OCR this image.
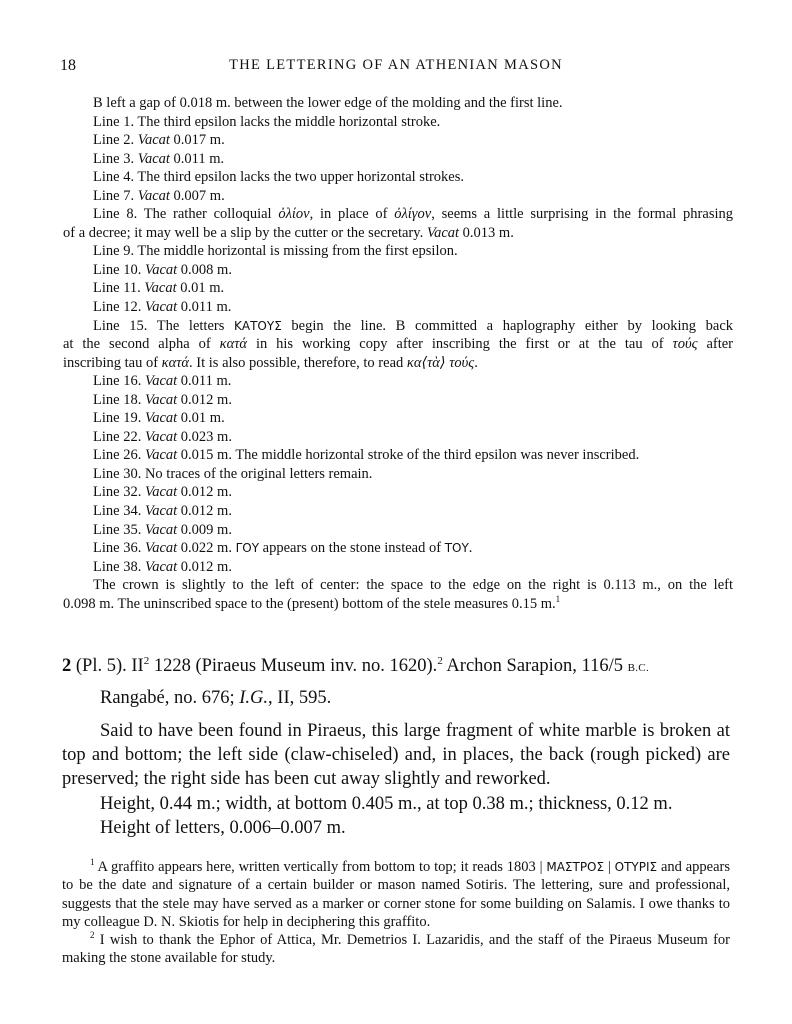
18	THE LETTERING OF AN ATHENIAN MASON
B left a gap of 0.018 m. between the lower edge of the molding and the first line.
Line 1. The third epsilon lacks the middle horizontal stroke.
Line 2. Vacat 0.017 m.
Line 3. Vacat 0.011 m.
Line 4. The third epsilon lacks the two upper horizontal strokes.
Line 7. Vacat 0.007 m.
Line 8. The rather colloquial ὀλίον, in place of ὀλίγον, seems a little surprising in the formal phrasing
of a decree; it may well be a slip by the cutter or the secretary. Vacat 0.013 m.
Line 9. The middle horizontal is missing from the first epsilon.
Line 10. Vacat 0.008 m.
Line 11. Vacat 0.01 m.
Line 12. Vacat 0.011 m.
Line 15. The letters ΚΑΤΟΥΣ begin the line. B committed a haplography either by looking back
at the second alpha of κατά in his working copy after inscribing the first or at the tau of τούς after
inscribing tau of κατά. It is also possible, therefore, to read κα⟨τὰ⟩ τούς.
Line 16. Vacat 0.011 m.
Line 18. Vacat 0.012 m.
Line 19. Vacat 0.01 m.
Line 22. Vacat 0.023 m.
Line 26. Vacat 0.015 m. The middle horizontal stroke of the third epsilon was never inscribed.
Line 30. No traces of the original letters remain.
Line 32. Vacat 0.012 m.
Line 34. Vacat 0.012 m.
Line 35. Vacat 0.009 m.
Line 36. Vacat 0.022 m. ΓΟΥ appears on the stone instead of ΤΟΥ.
Line 38. Vacat 0.012 m.
The crown is slightly to the left of center: the space to the edge on the right is 0.113 m., on the left
0.098 m. The uninscribed space to the (present) bottom of the stele measures 0.15 m.$^1$
2 (Pl. 5). $II^2$ 1228 (Piraeus Museum inv. no. 1620).$^2$ Archon Sarapion, 116/5 B.C.
Rangabé, no. 676; I.G., II, 595.
Said to have been found in Piraeus, this large fragment of white marble is broken at top and bottom; the left side (claw-chiseled) and, in places, the back (rough picked) are preserved; the right side has been cut away slightly and reworked.
Height, 0.44 m.; width, at bottom 0.405 m., at top 0.38 m.; thickness, 0.12 m.
Height of letters, 0.006–0.007 m.

$^1$ A graffito appears here, written vertically from bottom to top; it reads 1803 | ΜΑΣΤΡΟΣ | ΟΤΥΡΙΣ and appears to be the date and signature of a certain builder or mason named Sotiris. The lettering, sure and professional, suggests that the stele may have served as a marker or corner stone for some building on Salamis. I owe thanks to my colleague D. N. Skiotis for help in deciphering this graffito.

$^2$ I wish to thank the Ephor of Attica, Mr. Demetrios I. Lazaridis, and the staff of the Piraeus Museum for making the stone available for study.
